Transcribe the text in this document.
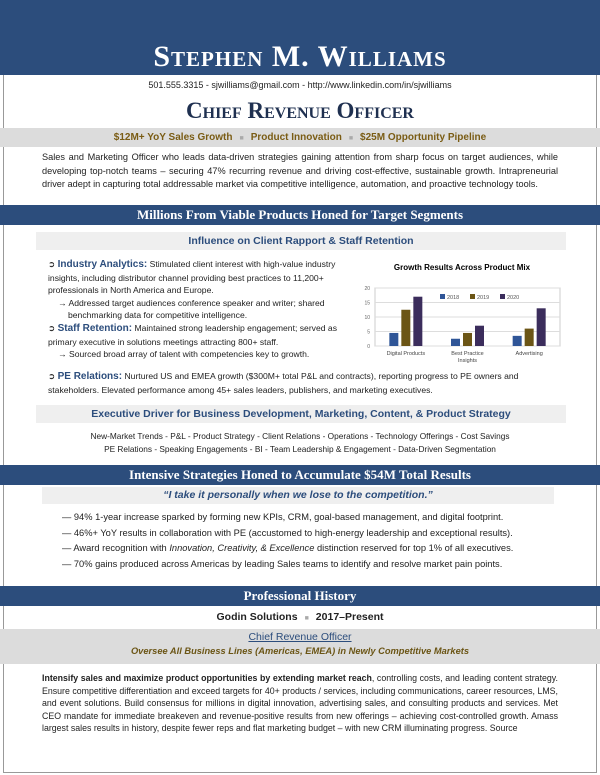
Stephen M. Williams
501.555.3315 - sjwilliams@gmail.com - http://www.linkedin.com/in/sjwilliams
Chief Revenue Officer
$12M+ YoY Sales Growth ■ Product Innovation ■ $25M Opportunity Pipeline
Sales and Marketing Officer who leads data-driven strategies gaining attention from sharp focus on target audiences, while developing top-notch teams – securing 47% recurring revenue and driving cost-effective, sustainable growth. Intrapreneurial driver adept in capturing total addressable market via competitive intelligence, automation, and proactive technology tools.
Millions From Viable Products Honed for Target Segments
Influence on Client Rapport & Staff Retention
➲ Industry Analytics: Stimulated client interest with high-value industry insights, including distributor channel providing best practices to 11,200+ professionals in North America and Europe.
→ Addressed target audiences conference speaker and writer; shared benchmarking data for competitive intelligence.
➲ Staff Retention: Maintained strong leadership engagement; served as primary executive in solutions meetings attracting 800+ staff.
→ Sourced broad array of talent with competencies key to growth.
➲ PE Relations: Nurtured US and EMEA growth ($300M+ total P&L and contracts), reporting progress to PE owners and stakeholders. Elevated performance among 45+ sales leaders, publishers, and marketing executives.
Growth Results Across Product Mix
0
5
10
15
20
Digital Products	Best Practice
Insights
Advertising
2018	2019	2020
Executive Driver for Business Development, Marketing, Content, & Product Strategy
New-Market Trends - P&L - Product Strategy - Client Relations - Operations - Technology Offerings - Cost Savings
PE Relations - Speaking Engagements - BI - Team Leadership & Engagement - Data-Driven Segmentation
Intensive Strategies Honed to Accumulate $54M Total Results
“I take it personally when we lose to the competition.”
— 94% 1-year increase sparked by forming new KPIs, CRM, goal-based management, and digital footprint.
— 46%+ YoY results in collaboration with PE (accustomed to high-energy leadership and exceptional results).
— Award recognition with Innovation, Creativity, & Excellence distinction reserved for top 1% of all executives.
— 70% gains produced across Americas by leading Sales teams to identify and resolve market pain points.
Professional History
Godin Solutions ■ 2017–Present
Chief Revenue Officer
Oversee All Business Lines (Americas, EMEA) in Newly Competitive Markets
Intensify sales and maximize product opportunities by extending market reach, controlling costs, and leading content strategy. Ensure competitive differentiation and exceed targets for 40+ products / services, including communications, career resources, LMS, and event solutions. Build consensus for millions in digital innovation, advertising sales, and consulting products and services. Met CEO mandate for immediate breakeven and revenue-positive results from new offerings – achieving cost-controlled growth. Amass largest sales results in history, despite fewer reps and flat marketing budget – with new CRM illuminating progress. Source
